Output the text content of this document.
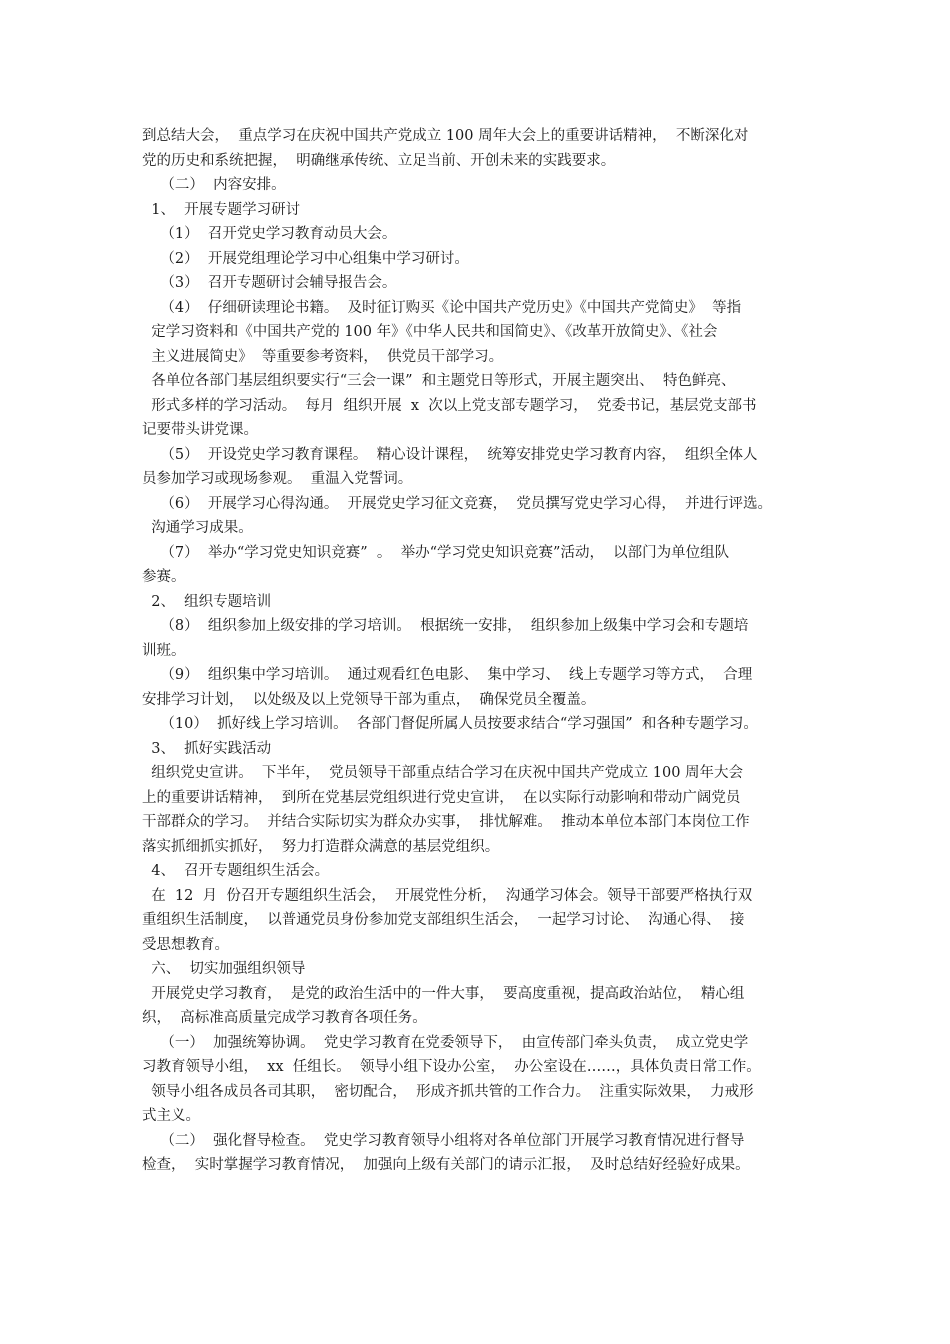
到总结大会，  重点学习在庆祝中国共产党成立 100 周年大会上的重要讲话精神，  不断深化对
党的历史和系统把握，  明确继承传统、立足当前、开创未来的实践要求。
（二）  内容安排。
1、  开展专题学习研讨
（1）  召开党史学习教育动员大会。
（2）  开展党组理论学习中心组集中学习研讨。
（3）  召开专题研讨会辅导报告会。
（4）  仔细研读理论书籍。  及时征订购买《论中国共产党历史》《中国共产党简史》  等指
定学习资料和《中国共产党的 100 年》《中华人民共和国简史》、《改革开放简史》、《社会
主义进展简史》  等重要参考资料，  供党员干部学习。
各单位各部门基层组织要实行“三会一课”  和主题党日等形式，开展主题突出、  特色鲜亮、
形式多样的学习活动。  每月  组织开展  x  次以上党支部专题学习，  党委书记，基层党支部书
记要带头讲党课。
（5）  开设党史学习教育课程。  精心设计课程，  统筹安排党史学习教育内容，  组织全体人
员参加学习或现场参观。  重温入党誓词。
（6）  开展学习心得沟通。  开展党史学习征文竞赛，  党员撰写党史学习心得，  并进行评选。
沟通学习成果。
（7）  举办“学习党史知识竞赛”  。  举办“学习党史知识竞赛”活动，  以部门为单位组队
参赛。
2、  组织专题培训
（8）  组织参加上级安排的学习培训。  根据统一安排，  组织参加上级集中学习会和专题培
训班。
（9）  组织集中学习培训。  通过观看红色电影、  集中学习、  线上专题学习等方式，  合理
安排学习计划，  以处级及以上党领导干部为重点，  确保党员全覆盖。
（10）  抓好线上学习培训。  各部门督促所属人员按要求结合“学习强国”  和各种专题学习。
3、  抓好实践活动
组织党史宣讲。  下半年，  党员领导干部重点结合学习在庆祝中国共产党成立 100 周年大会
上的重要讲话精神，  到所在党基层党组织进行党史宣讲，  在以实际行动影响和带动广阔党员
干部群众的学习。  并结合实际切实为群众办实事，  排忧解难。  推动本单位本部门本岗位工作
落实抓细抓实抓好，  努力打造群众满意的基层党组织。
4、  召开专题组织生活会。
在  12  月  份召开专题组织生活会，  开展党性分析，  沟通学习体会。领导干部要严格执行双
重组织生活制度，  以普通党员身份参加党支部组织生活会，  一起学习讨论、  沟通心得、  接
受思想教育。
六、  切实加强组织领导
开展党史学习教育，  是党的政治生活中的一件大事，  要高度重视，提高政治站位，  精心组
织，  高标准高质量完成学习教育各项任务。
（一）  加强统筹协调。  党史学习教育在党委领导下，  由宣传部门牵头负责，  成立党史学
习教育领导小组，  xx  任组长。  领导小组下设办公室，  办公室设在……，具体负责日常工作。
领导小组各成员各司其职，  密切配合，  形成齐抓共管的工作合力。  注重实际效果，  力戒形
式主义。
（二）  强化督导检查。  党史学习教育领导小组将对各单位部门开展学习教育情况进行督导
检查，  实时掌握学习教育情况，  加强向上级有关部门的请示汇报，  及时总结好经验好成果。
